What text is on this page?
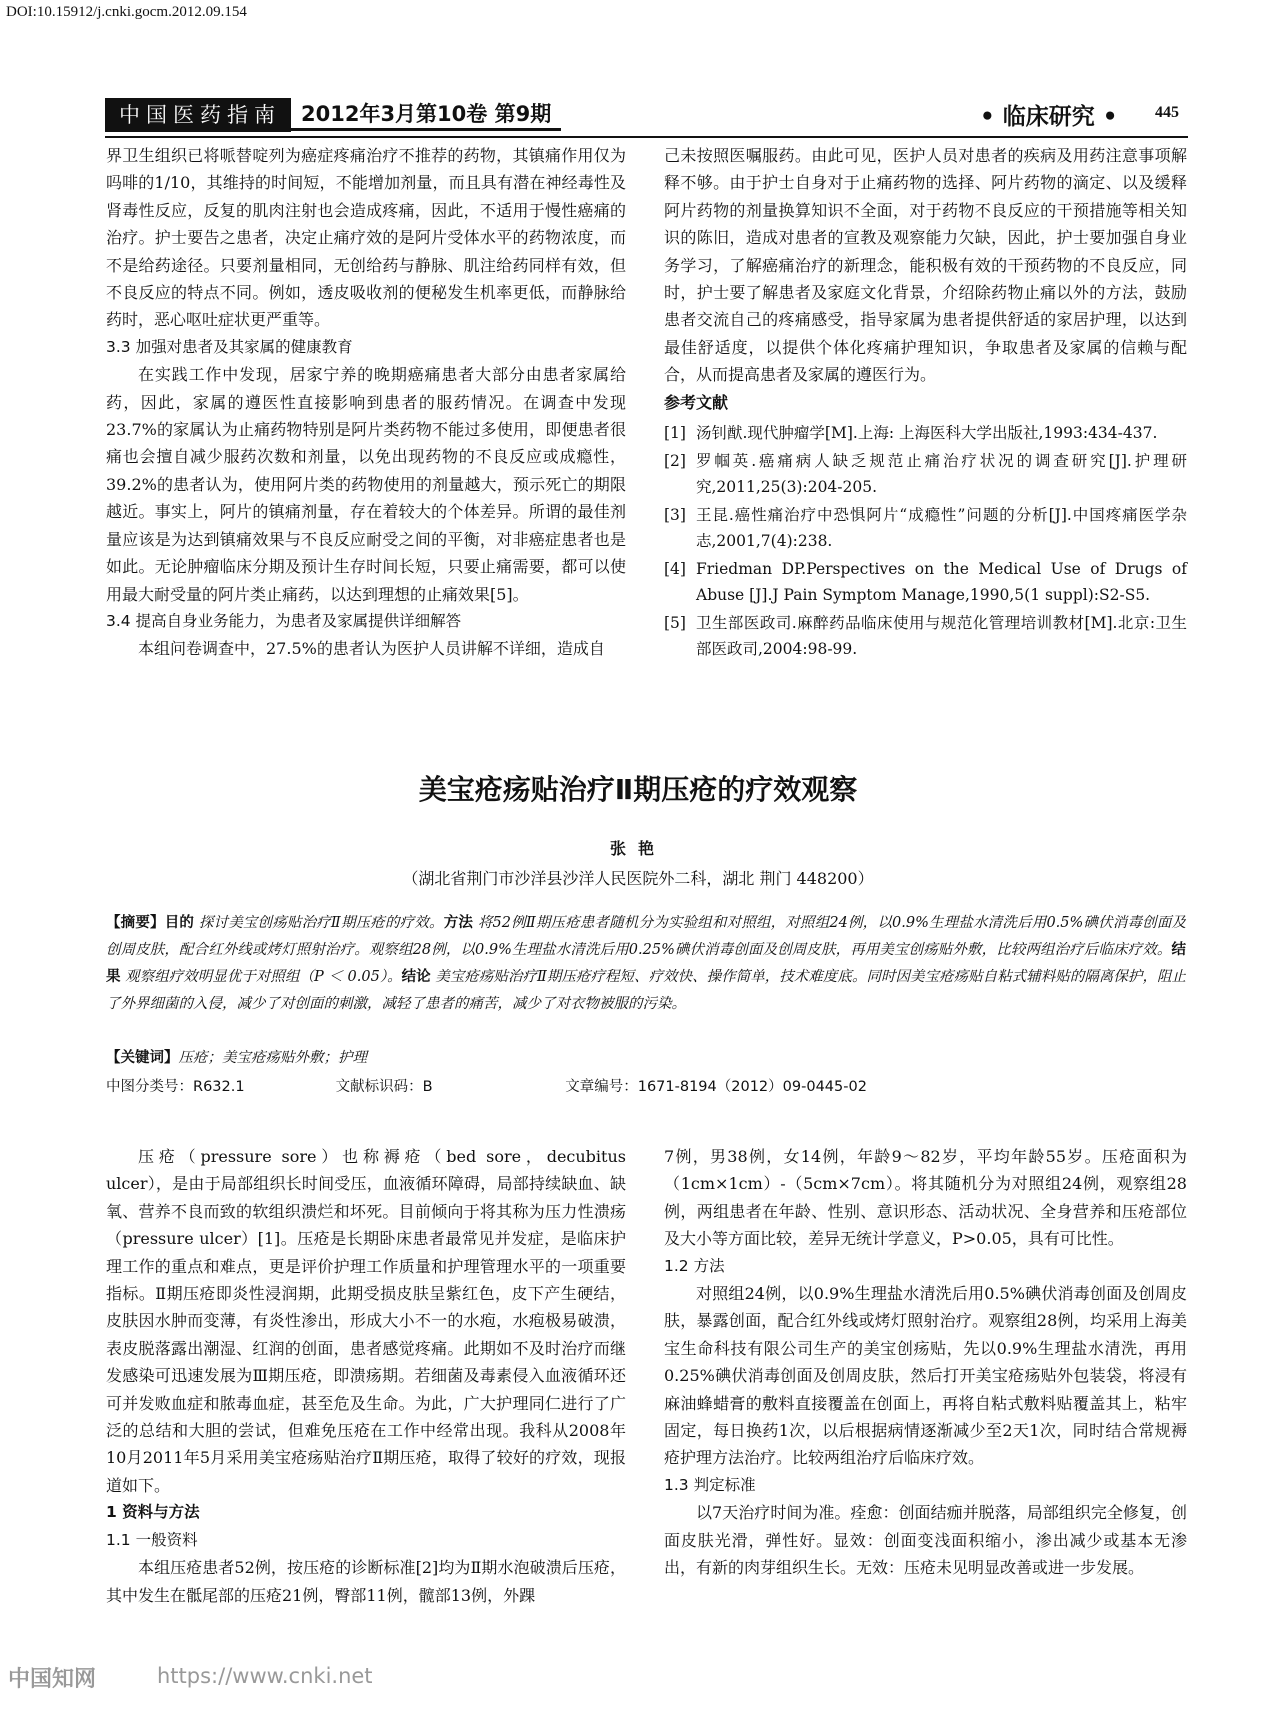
DOI:10.15912/j.cnki.gocm.2012.09.154
中国医药指南 2012年3月第10卷 第9期	• 临床研究 • 445

界卫生组织已将哌替啶列为癌症疼痛治疗不推荐的药物，其镇痛作用仅为吗啡的1/10，其维持的时间短，不能增加剂量，而且具有潜在神经毒性及肾毒性反应，反复的肌肉注射也会造成疼痛，因此，不适用于慢性癌痛的治疗。护士要告之患者，决定止痛疗效的是阿片受体水平的药物浓度，而不是给药途径。只要剂量相同，无创给药与静脉、肌注给药同样有效，但不良反应的特点不同。例如，透皮吸收剂的便秘发生机率更低，而静脉给药时，恶心呕吐症状更严重等。

3.3 加强对患者及其家属的健康教育

在实践工作中发现，居家宁养的晚期癌痛患者大部分由患者家属给药，因此，家属的遵医性直接影响到患者的服药情况。在调查中发现23.7%的家属认为止痛药物特别是阿片类药物不能过多使用，即便患者很痛也会擅自减少服药次数和剂量，以免出现药物的不良反应或成瘾性，39.2%的患者认为，使用阿片类的药物使用的剂量越大，预示死亡的期限越近。事实上，阿片的镇痛剂量，存在着较大的个体差异。所谓的最佳剂量应该是为达到镇痛效果与不良反应耐受之间的平衡，对非癌症患者也是如此。无论肿瘤临床分期及预计生存时间长短，只要止痛需要，都可以使用最大耐受量的阿片类止痛药，以达到理想的止痛效果[5]。

3.4 提高自身业务能力，为患者及家属提供详细解答

本组问卷调查中，27.5%的患者认为医护人员讲解不详细，造成自

己未按照医嘱服药。由此可见，医护人员对患者的疾病及用药注意事项解释不够。由于护士自身对于止痛药物的选择、阿片药物的滴定、以及缓释阿片药物的剂量换算知识不全面，对于药物不良反应的干预措施等相关知识的陈旧，造成对患者的宣教及观察能力欠缺，因此，护士要加强自身业务学习，了解癌痛治疗的新理念，能积极有效的干预药物的不良反应，同时，护士要了解患者及家庭文化背景，介绍除药物止痛以外的方法，鼓励患者交流自己的疼痛感受，指导家属为患者提供舒适的家居护理，以达到最佳舒适度，以提供个体化疼痛护理知识，争取患者及家属的信赖与配合，从而提高患者及家属的遵医行为。

参考文献
[1] 汤钊猷.现代肿瘤学[M].上海: 上海医科大学出版社,1993:434-437.
[2] 罗帼英.癌痛病人缺乏规范止痛治疗状况的调查研究[J].护理研究,2011,25(3):204-205.
[3] 王昆.癌性痛治疗中恐惧阿片“成瘾性”问题的分析[J].中国疼痛医学杂志,2001,7(4):238.
[4] Friedman DP.Perspectives on the Medical Use of Drugs of Abuse [J].J Pain Symptom Manage,1990,5(1 suppl):S2-S5.
[5] 卫生部医政司.麻醉药品临床使用与规范化管理培训教材[M].北京:卫生部医政司,2004:98-99.
美宝疮疡贴治疗Ⅱ期压疮的疗效观察
张艳
（湖北省荆门市沙洋县沙洋人民医院外二科，湖北 荆门 448200）
【摘要】目的 探讨美宝创疡贴治疗Ⅱ期压疮的疗效。方法 将52例Ⅱ期压疮患者随机分为实验组和对照组，对照组24例，以0.9%生理盐水清洗后用0.5%碘伏消毒创面及创周皮肤，配合红外线或烤灯照射治疗。观察组28例，以0.9%生理盐水清洗后用0.25%碘伏消毒创面及创周皮肤，再用美宝创疡贴外敷，比较两组治疗后临床疗效。结果 观察组疗效明显优于对照组（P ＜ 0.05）。结论 美宝疮疡贴治疗Ⅱ期压疮疗程短、疗效快、操作简单，技术难度底。同时因美宝疮疡贴自粘式辅料贴的隔离保护，阻止了外界细菌的入侵，减少了对创面的刺激，减轻了患者的痛苦，减少了对衣物被服的污染。
【关键词】压疮；美宝疮疡贴外敷；护理
中图分类号：R632.1	文献标识码：B	文章编号：1671-8194（2012）09-0445-02

压疮（pressure sore）也称褥疮（bed sore，decubitus ulcer），是由于局部组织长时间受压，血液循环障碍，局部持续缺血、缺氧、营养不良而致的软组织溃烂和坏死。目前倾向于将其称为压力性溃疡（pressure ulcer）[1]。压疮是长期卧床患者最常见并发症，是临床护理工作的重点和难点，更是评价护理工作质量和护理管理水平的一项重要指标。Ⅱ期压疮即炎性浸润期，此期受损皮肤呈紫红色，皮下产生硬结，皮肤因水肿而变薄，有炎性渗出，形成大小不一的水疱，水疱极易破溃，表皮脱落露出潮湿、红润的创面，患者感觉疼痛。此期如不及时治疗而继发感染可迅速发展为Ⅲ期压疮，即溃疡期。若细菌及毒素侵入血液循环还可并发败血症和脓毒血症，甚至危及生命。为此，广大护理同仁进行了广泛的总结和大胆的尝试，但难免压疮在工作中经常出现。我科从2008年10月2011年5月采用美宝疮疡贴治疗Ⅱ期压疮，取得了较好的疗效，现报道如下。

1 资料与方法

1.1 一般资料

本组压疮患者52例，按压疮的诊断标准[2]均为Ⅱ期水泡破溃后压疮，其中发生在骶尾部的压疮21例，臀部11例，髋部13例，外踝

7例，男38例，女14例，年龄9～82岁，平均年龄55岁。压疮面积为（1cm×1cm）-（5cm×7cm）。将其随机分为对照组24例，观察组28例，两组患者在年龄、性别、意识形态、活动状况、全身营养和压疮部位及大小等方面比较，差异无统计学意义，P>0.05，具有可比性。

1.2 方法

对照组24例，以0.9%生理盐水清洗后用0.5%碘伏消毒创面及创周皮肤，暴露创面，配合红外线或烤灯照射治疗。观察组28例，均采用上海美宝生命科技有限公司生产的美宝创疡贴，先以0.9%生理盐水清洗，再用0.25%碘伏消毒创面及创周皮肤，然后打开美宝疮疡贴外包装袋，将浸有麻油蜂蜡膏的敷料直接覆盖在创面上，再将自粘式敷料贴覆盖其上，粘牢固定，每日换药1次，以后根据病情逐渐减少至2天1次，同时结合常规褥疮护理方法治疗。比较两组治疗后临床疗效。

1.3 判定标准

以7天治疗时间为准。痊愈：创面结痂并脱落，局部组织完全修复，创面皮肤光滑，弹性好。显效：创面变浅面积缩小，渗出减少或基本无渗出，有新的肉芽组织生长。无效：压疮未见明显改善或进一步发展。

中国知网	https://www.cnki.net
